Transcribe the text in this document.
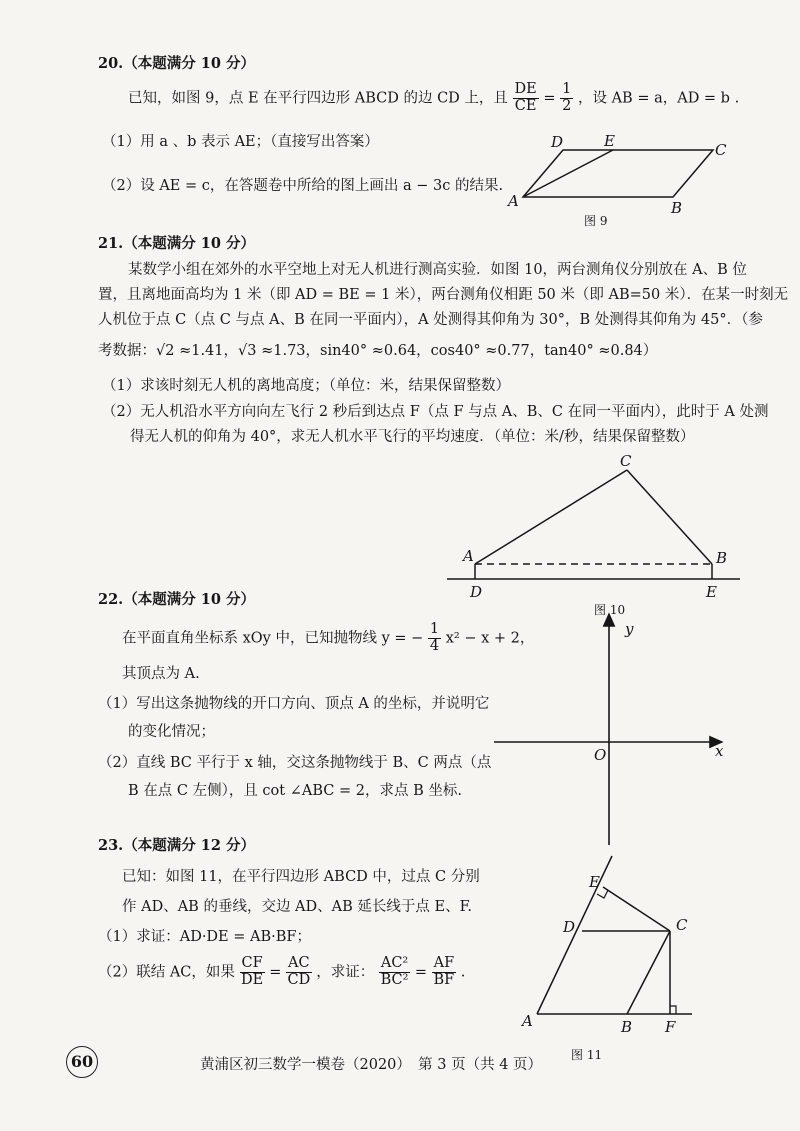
20.（本题满分 10 分）
已知，如图 9，点 E 在平行四边形 ABCD 的边 CD 上，且 $\frac{DE}{CE} = \frac{1}{2}$ ，设 AB = a，AD = b .
（1）用 a 、b 表示 AE；（直接写出答案）
（2）设 AE = c，在答题卷中所给的图上画出 a − 3c 的结果.
A	B
C
D	E
图 9
21.（本题满分 10 分）
某数学小组在郊外的水平空地上对无人机进行测高实验．如图 10，两台测角仪分别放在 A、B 位
置，且离地面高均为 1 米（即 AD = BE = 1 米），两台测角仪相距 50 米（即 AB=50 米）．在某一时刻无
人机位于点 C（点 C 与点 A、B 在同一平面内），A 处测得其仰角为 30°，B 处测得其仰角为 45°．（参
考数据：√2 ≈1.41，√3 ≈1.73，sin40° ≈0.64，cos40° ≈0.77，tan40° ≈0.84）
（1）求该时刻无人机的离地高度；（单位：米，结果保留整数）
（2）无人机沿水平方向向左飞行 2 秒后到达点 F（点 F 与点 A、B、C 在同一平面内），此时于 A 处测
得无人机的仰角为 40°，求无人机水平飞行的平均速度．（单位：米/秒，结果保留整数）
C
A	B
D	E
图 10
22.（本题满分 10 分）
在平面直角坐标系 xOy 中，已知抛物线 y = − $\frac{1}{4} x^2 - x + 2$，
其顶点为 A.
（1）写出这条抛物线的开口方向、顶点 A 的坐标，并说明它
的变化情况；
（2）直线 BC 平行于 x 轴，交这条抛物线于 B、C 两点（点
B 在点 C 左侧），且 cot ∠ABC = 2，求点 B 坐标.
y
x
O
23.（本题满分 12 分）
已知：如图 11，在平行四边形 ABCD 中，过点 C 分别
作 AD、AB 的垂线，交边 AD、AB 延长线于点 E、F.
（1）求证：AD·DE = AB·BF；
（2）联结 AC，如果 $\frac{CF}{DE} = \frac{AC}{CD}$ ，求证： $\frac{\text{AC²}}{\text{BC²}} = \frac{AF}{BF}$ .
E
D	C
A	B F
60	黄浦区初三数学一模卷（2020）　第 3 页（共 4 页）
图 11
